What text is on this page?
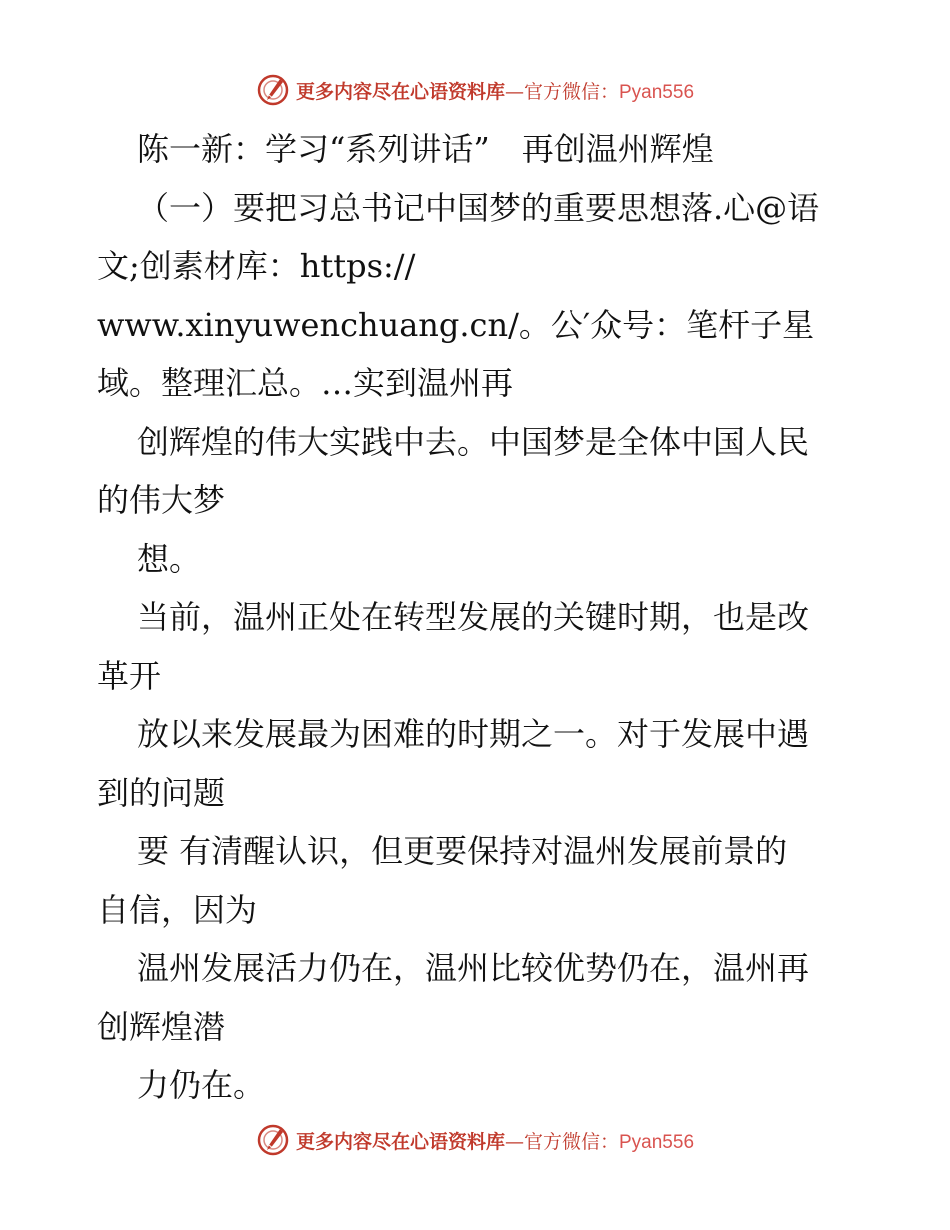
更多内容尽在心语资料库—官方微信：Pyan556
陈一新：学习“系列讲话”　再创温州辉煌
（一）要把习总书记中国梦的重要思想落.心@语
文;创素材库：https://
www.xinyuwenchuang.cn/。公′众号：笔杆子星
域。整理汇总。…实到温州再
创辉煌的伟大实践中去。中国梦是全体中国人民
的伟大梦
想。
当前，温州正处在转型发展的关键时期，也是改
革开
放以来发展最为困难的时期之一。对于发展中遇
到的问题
要 有清醒认识，但更要保持对温州发展前景的
自信，因为
温州发展活力仍在，温州比较优势仍在，温州再
创辉煌潜
力仍在。
更多内容尽在心语资料库—官方微信：Pyan556
